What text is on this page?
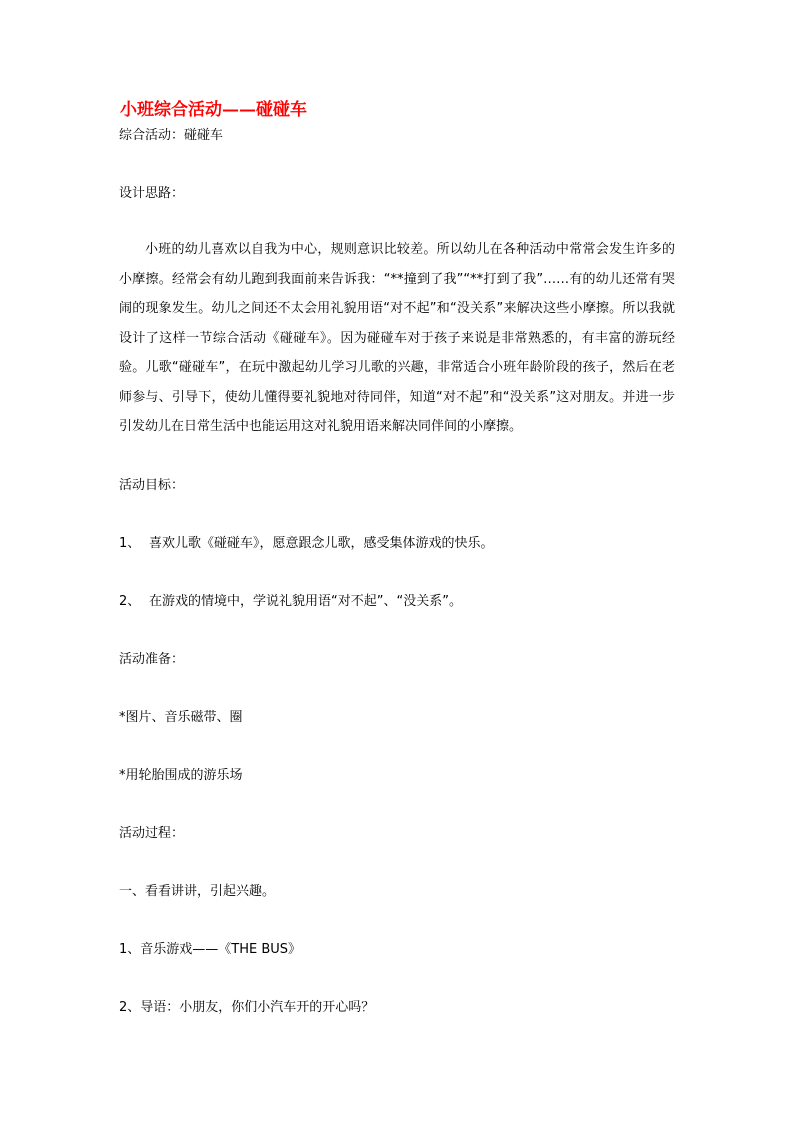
小班综合活动——碰碰车
综合活动：碰碰车
设计思路：
小班的幼儿喜欢以自我为中心，规则意识比较差。所以幼儿在各种活动中常常会发生许多的小摩擦。经常会有幼儿跑到我面前来告诉我：“**撞到了我”“**打到了我”……有的幼儿还常有哭闹的现象发生。幼儿之间还不太会用礼貌用语“对不起”和“没关系”来解决这些小摩擦。所以我就设计了这样一节综合活动《碰碰车》。因为碰碰车对于孩子来说是非常熟悉的，有丰富的游玩经验。儿歌“碰碰车”，在玩中激起幼儿学习儿歌的兴趣，非常适合小班年龄阶段的孩子，然后在老师参与、引导下，使幼儿懂得要礼貌地对待同伴，知道“对不起”和“没关系”这对朋友。并进一步引发幼儿在日常生活中也能运用这对礼貌用语来解决同伴间的小摩擦。
活动目标：
1、 喜欢儿歌《碰碰车》，愿意跟念儿歌，感受集体游戏的快乐。
2、 在游戏的情境中，学说礼貌用语“对不起”、“没关系”。
活动准备：
*图片、音乐磁带、圈
*用轮胎围成的游乐场
活动过程：
一、看看讲讲，引起兴趣。
1、音乐游戏——《THE BUS》
2、导语：小朋友，你们小汽车开的开心吗？
